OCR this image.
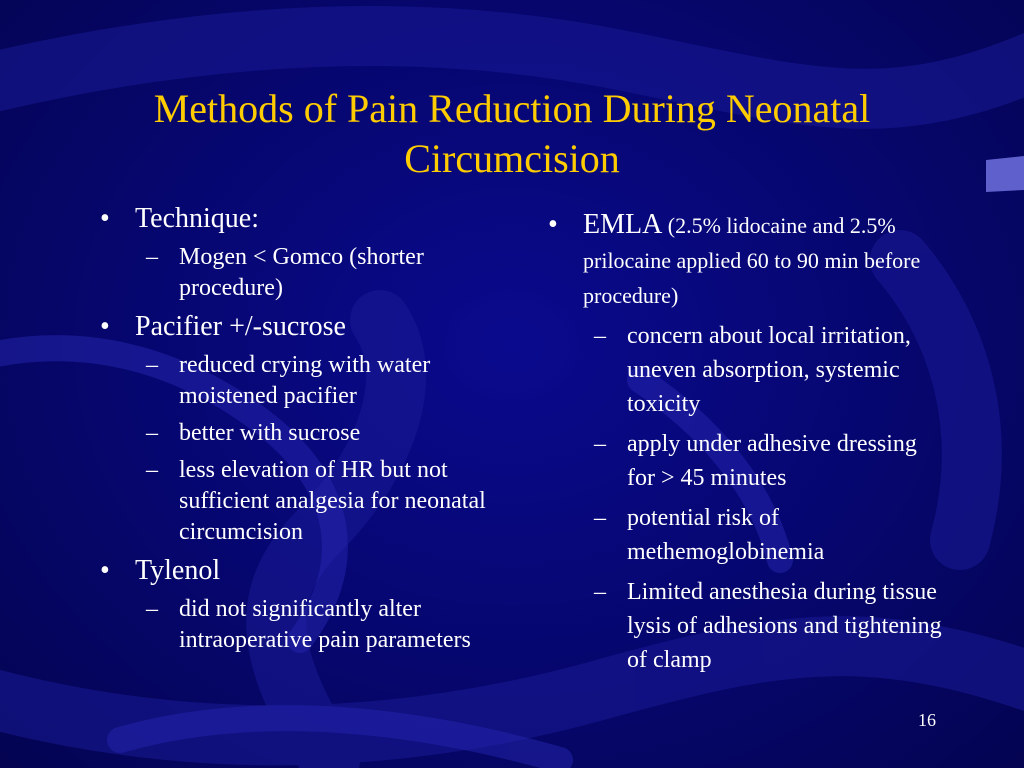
Methods of Pain Reduction During Neonatal Circumcision
• Technique:
– Mogen < Gomco (shorter procedure)
• Pacifier +/-sucrose
– reduced crying with water moistened pacifier
– better with sucrose
– less elevation of HR but not sufficient analgesia for neonatal circumcision
• Tylenol
– did not significantly alter intraoperative pain parameters
• EMLA (2.5% lidocaine and 2.5% prilocaine applied 60 to 90 min before procedure)
– concern about local irritation, uneven absorption, systemic toxicity
– apply under adhesive dressing for > 45 minutes
– potential risk of methemoglobinemia
– Limited anesthesia during tissue lysis of adhesions and tightening of clamp
16
